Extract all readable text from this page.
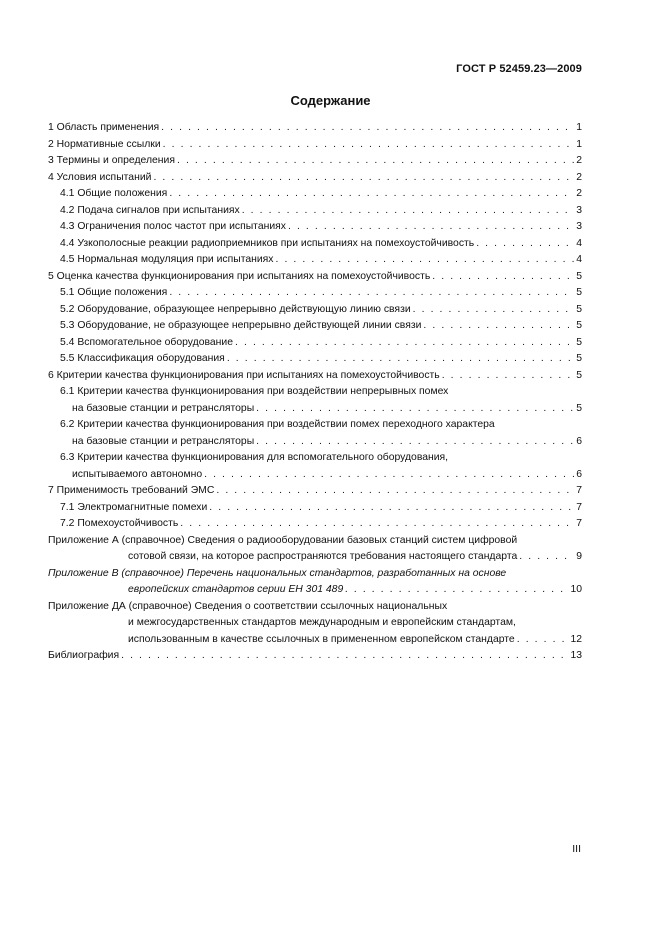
ГОСТ Р 52459.23—2009
Содержание
1 Область применения . . .	1
2 Нормативные ссылки . . .	1
3 Термины и определения . . .	2
4 Условия испытаний . . .	2
4.1 Общие положения . . .	2
4.2 Подача сигналов при испытаниях . . .	3
4.3 Ограничения полос частот при испытаниях . . .	3
4.4 Узкополосные реакции радиоприемников при испытаниях на помехоустойчивость . . .	4
4.5 Нормальная модуляция при испытаниях . . .	4
5 Оценка качества функционирования при испытаниях на помехоустойчивость . . .	5
5.1 Общие положения . . .	5
5.2 Оборудование, образующее непрерывно действующую линию связи . . .	5
5.3 Оборудование, не образующее непрерывно действующей линии связи . . .	5
5.4 Вспомогательное оборудование . . .	5
5.5 Классификация оборудования . . .	5
6 Критерии качества функционирования при испытаниях на помехоустойчивость . . .	5
6.1 Критерии качества функционирования при воздействии непрерывных помех
на базовые станции и ретрансляторы . . .	5
6.2 Критерии качества функционирования при воздействии помех переходного характера
на базовые станции и ретрансляторы . . .	6
6.3 Критерии качества функционирования для вспомогательного оборудования,
испытываемого автономно . . .	6
7 Применимость требований ЭМС . . .	7
7.1 Электромагнитные помехи . . .	7
7.2 Помехоустойчивость . . .	7
Приложение А (справочное) Сведения о радиооборудовании базовых станций систем цифровой
сотовой связи, на которое распространяются требования настоящего стандарта . . .	9
Приложение В (справочное) Перечень национальных стандартов, разработанных на основе
европейских стандартов серии ЕН 301 489 . . .	10
Приложение ДА (справочное) Сведения о соответствии ссылочных национальных
и межгосударственных стандартов международным и европейским стандартам,
использованным в качестве ссылочных в примененном европейском стандарте . . .	12
Библиография . . .	13
III
